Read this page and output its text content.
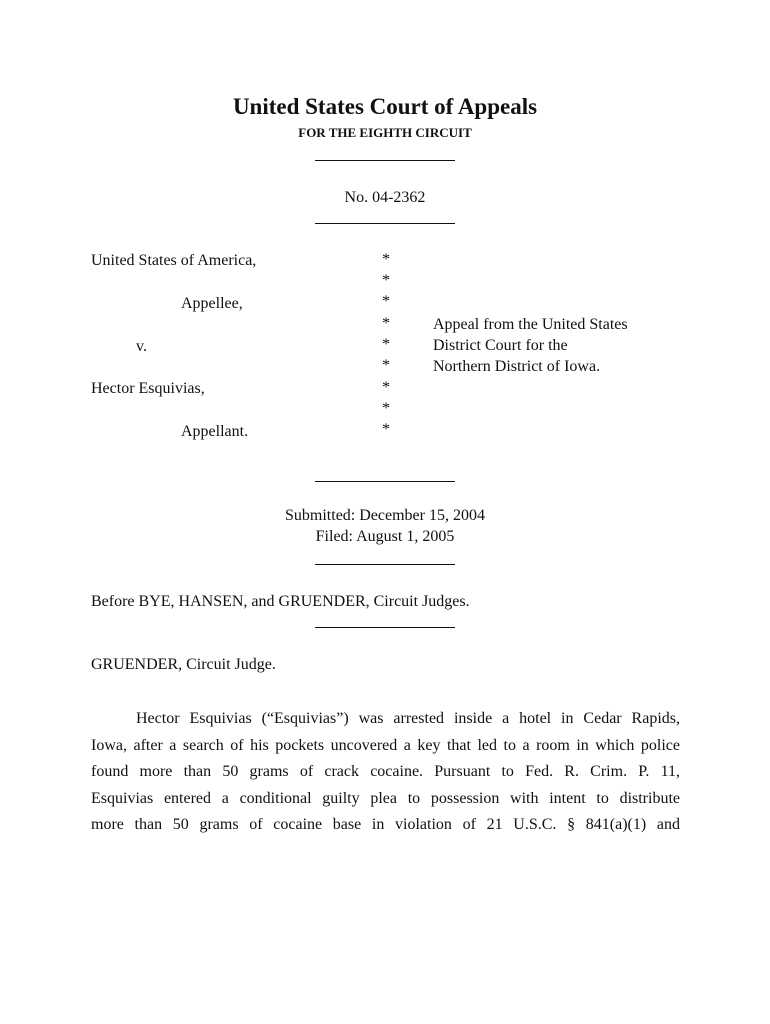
United States Court of Appeals
FOR THE EIGHTH CIRCUIT
No. 04-2362
United States of America,
Appellee,
v.
Hector Esquivias,
Appellant.
*
*
*
*
*
*
*
*
*
Appeal from the United States
District Court for the
Northern District of Iowa.
Submitted: December 15, 2004
Filed: August 1, 2005
Before BYE, HANSEN, and GRUENDER, Circuit Judges.
GRUENDER, Circuit Judge.
Hector Esquivias (“Esquivias”) was arrested inside a hotel in Cedar Rapids,
Iowa, after a search of his pockets uncovered a key that led to a room in which police
found more than 50 grams of crack cocaine. Pursuant to Fed. R. Crim. P. 11,
Esquivias entered a conditional guilty plea to possession with intent to distribute
more than 50 grams of cocaine base in violation of 21 U.S.C. § 841(a)(1) and
